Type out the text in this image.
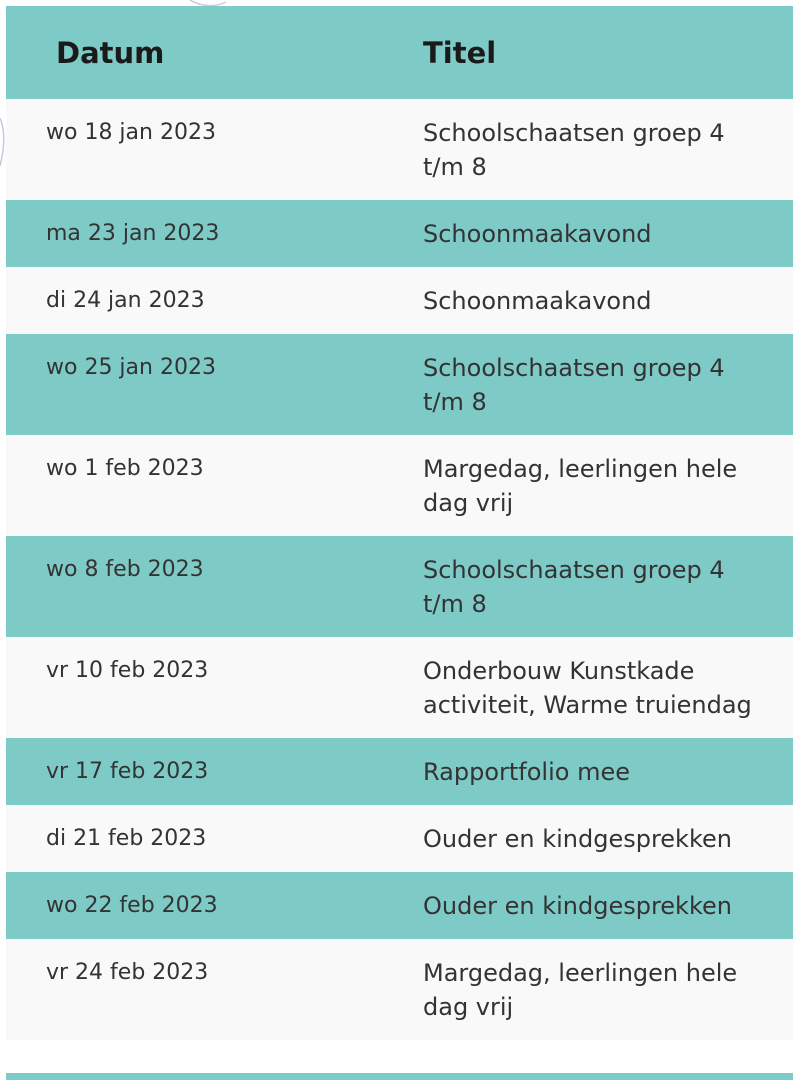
Datum	Titel
wo 18 jan 2023	Schoolschaatsen groep 4 t/m 8
ma 23 jan 2023	Schoonmaakavond
di 24 jan 2023	Schoonmaakavond
wo 25 jan 2023	Schoolschaatsen groep 4 t/m 8
wo 1 feb 2023	Margedag, leerlingen hele dag vrij
wo 8 feb 2023	Schoolschaatsen groep 4 t/m 8
vr 10 feb 2023	Onderbouw Kunstkade activiteit, Warme truiendag
vr 17 feb 2023	Rapportfolio mee
di 21 feb 2023	Ouder en kindgesprekken
wo 22 feb 2023	Ouder en kindgesprekken
vr 24 feb 2023	Margedag, leerlingen hele dag vrij
